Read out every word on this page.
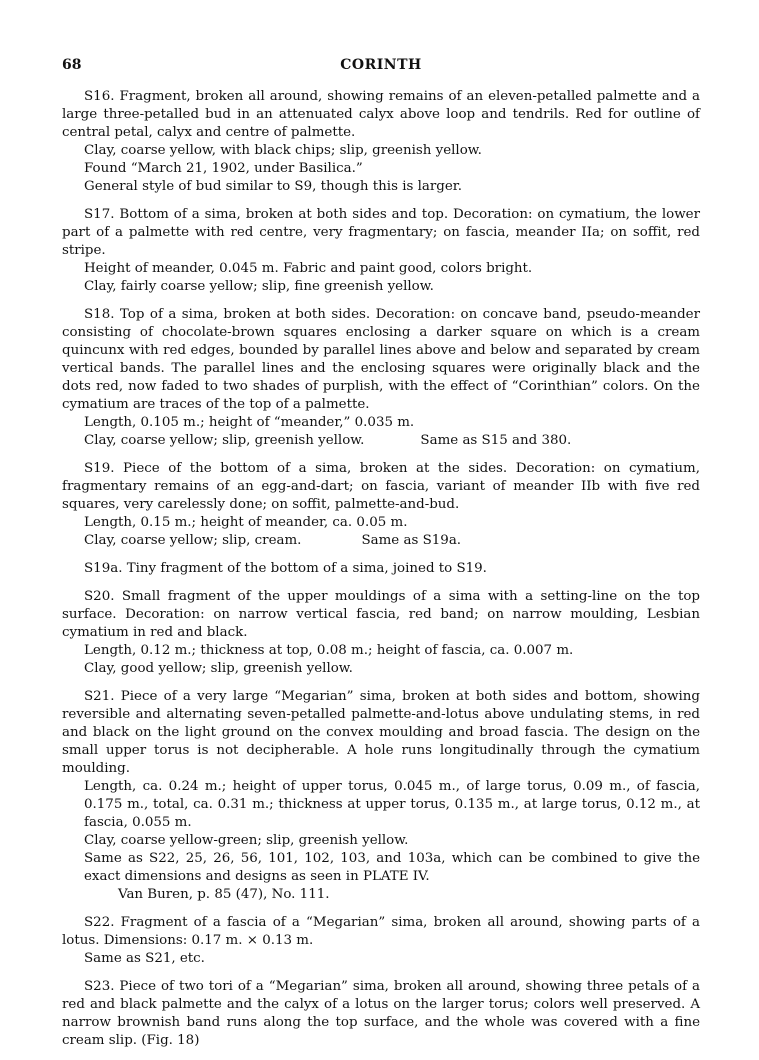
68	CORINTH

S16. Fragment, broken all around, showing remains of an eleven-petalled palmette and a large three-petalled bud in an attenuated calyx above loop and tendrils. Red for outline of central petal, calyx and centre of palmette.

Clay, coarse yellow, with black chips; slip, greenish yellow.

Found “March 21, 1902, under Basilica.”

General style of bud similar to S9, though this is larger.

S17. Bottom of a sima, broken at both sides and top. Decoration: on cymatium, the lower part of a palmette with red centre, very fragmentary; on fascia, meander IIa; on soffit, red stripe.

Height of meander, 0.045 m. Fabric and paint good, colors bright.

Clay, fairly coarse yellow; slip, fine greenish yellow.

S18. Top of a sima, broken at both sides. Decoration: on concave band, pseudo-meander consisting of chocolate-brown squares enclosing a darker square on which is a cream quincunx with red edges, bounded by parallel lines above and below and separated by cream vertical bands. The parallel lines and the enclosing squares were originally black and the dots red, now faded to two shades of purplish, with the effect of “Corinthian” colors. On the cymatium are traces of the top of a palmette.

Length, 0.105 m.; height of “meander,” 0.035 m.

Clay, coarse yellow; slip, greenish yellow.	Same as S15 and 380.

S19. Piece of the bottom of a sima, broken at the sides. Decoration: on cymatium, fragmentary remains of an egg-and-dart; on fascia, variant of meander IIb with five red squares, very carelessly done; on soffit, palmette-and-bud.

Length, 0.15 m.; height of meander, ca. 0.05 m.

Clay, coarse yellow; slip, cream.	Same as S19a.

S19a. Tiny fragment of the bottom of a sima, joined to S19.

S20. Small fragment of the upper mouldings of a sima with a setting-line on the top surface. Decoration: on narrow vertical fascia, red band; on narrow moulding, Lesbian cymatium in red and black.

Length, 0.12 m.; thickness at top, 0.08 m.; height of fascia, ca. 0.007 m.

Clay, good yellow; slip, greenish yellow.

S21. Piece of a very large “Megarian” sima, broken at both sides and bottom, showing reversible and alternating seven-petalled palmette-and-lotus above undulating stems, in red and black on the light ground on the convex moulding and broad fascia. The design on the small upper torus is not decipherable. A hole runs longitudinally through the cymatium moulding.

Length, ca. 0.24 m.; height of upper torus, 0.045 m., of large torus, 0.09 m., of fascia, 0.175 m., total, ca. 0.31 m.; thickness at upper torus, 0.135 m., at large torus, 0.12 m., at fascia, 0.055 m.

Clay, coarse yellow-green; slip, greenish yellow.

Same as S22, 25, 26, 56, 101, 102, 103, and 103a, which can be combined to give the exact dimensions and designs as seen in PLATE IV.

Van Buren, p. 85 (47), No. 111.

S22. Fragment of a fascia of a “Megarian” sima, broken all around, showing parts of a lotus. Dimensions: 0.17 m. × 0.13 m.

Same as S21, etc.

S23. Piece of two tori of a “Megarian” sima, broken all around, showing three petals of a red and black palmette and the calyx of a lotus on the larger torus; colors well preserved. A narrow brownish band runs along the top surface, and the whole was covered with a fine cream slip. (Fig. 18)
